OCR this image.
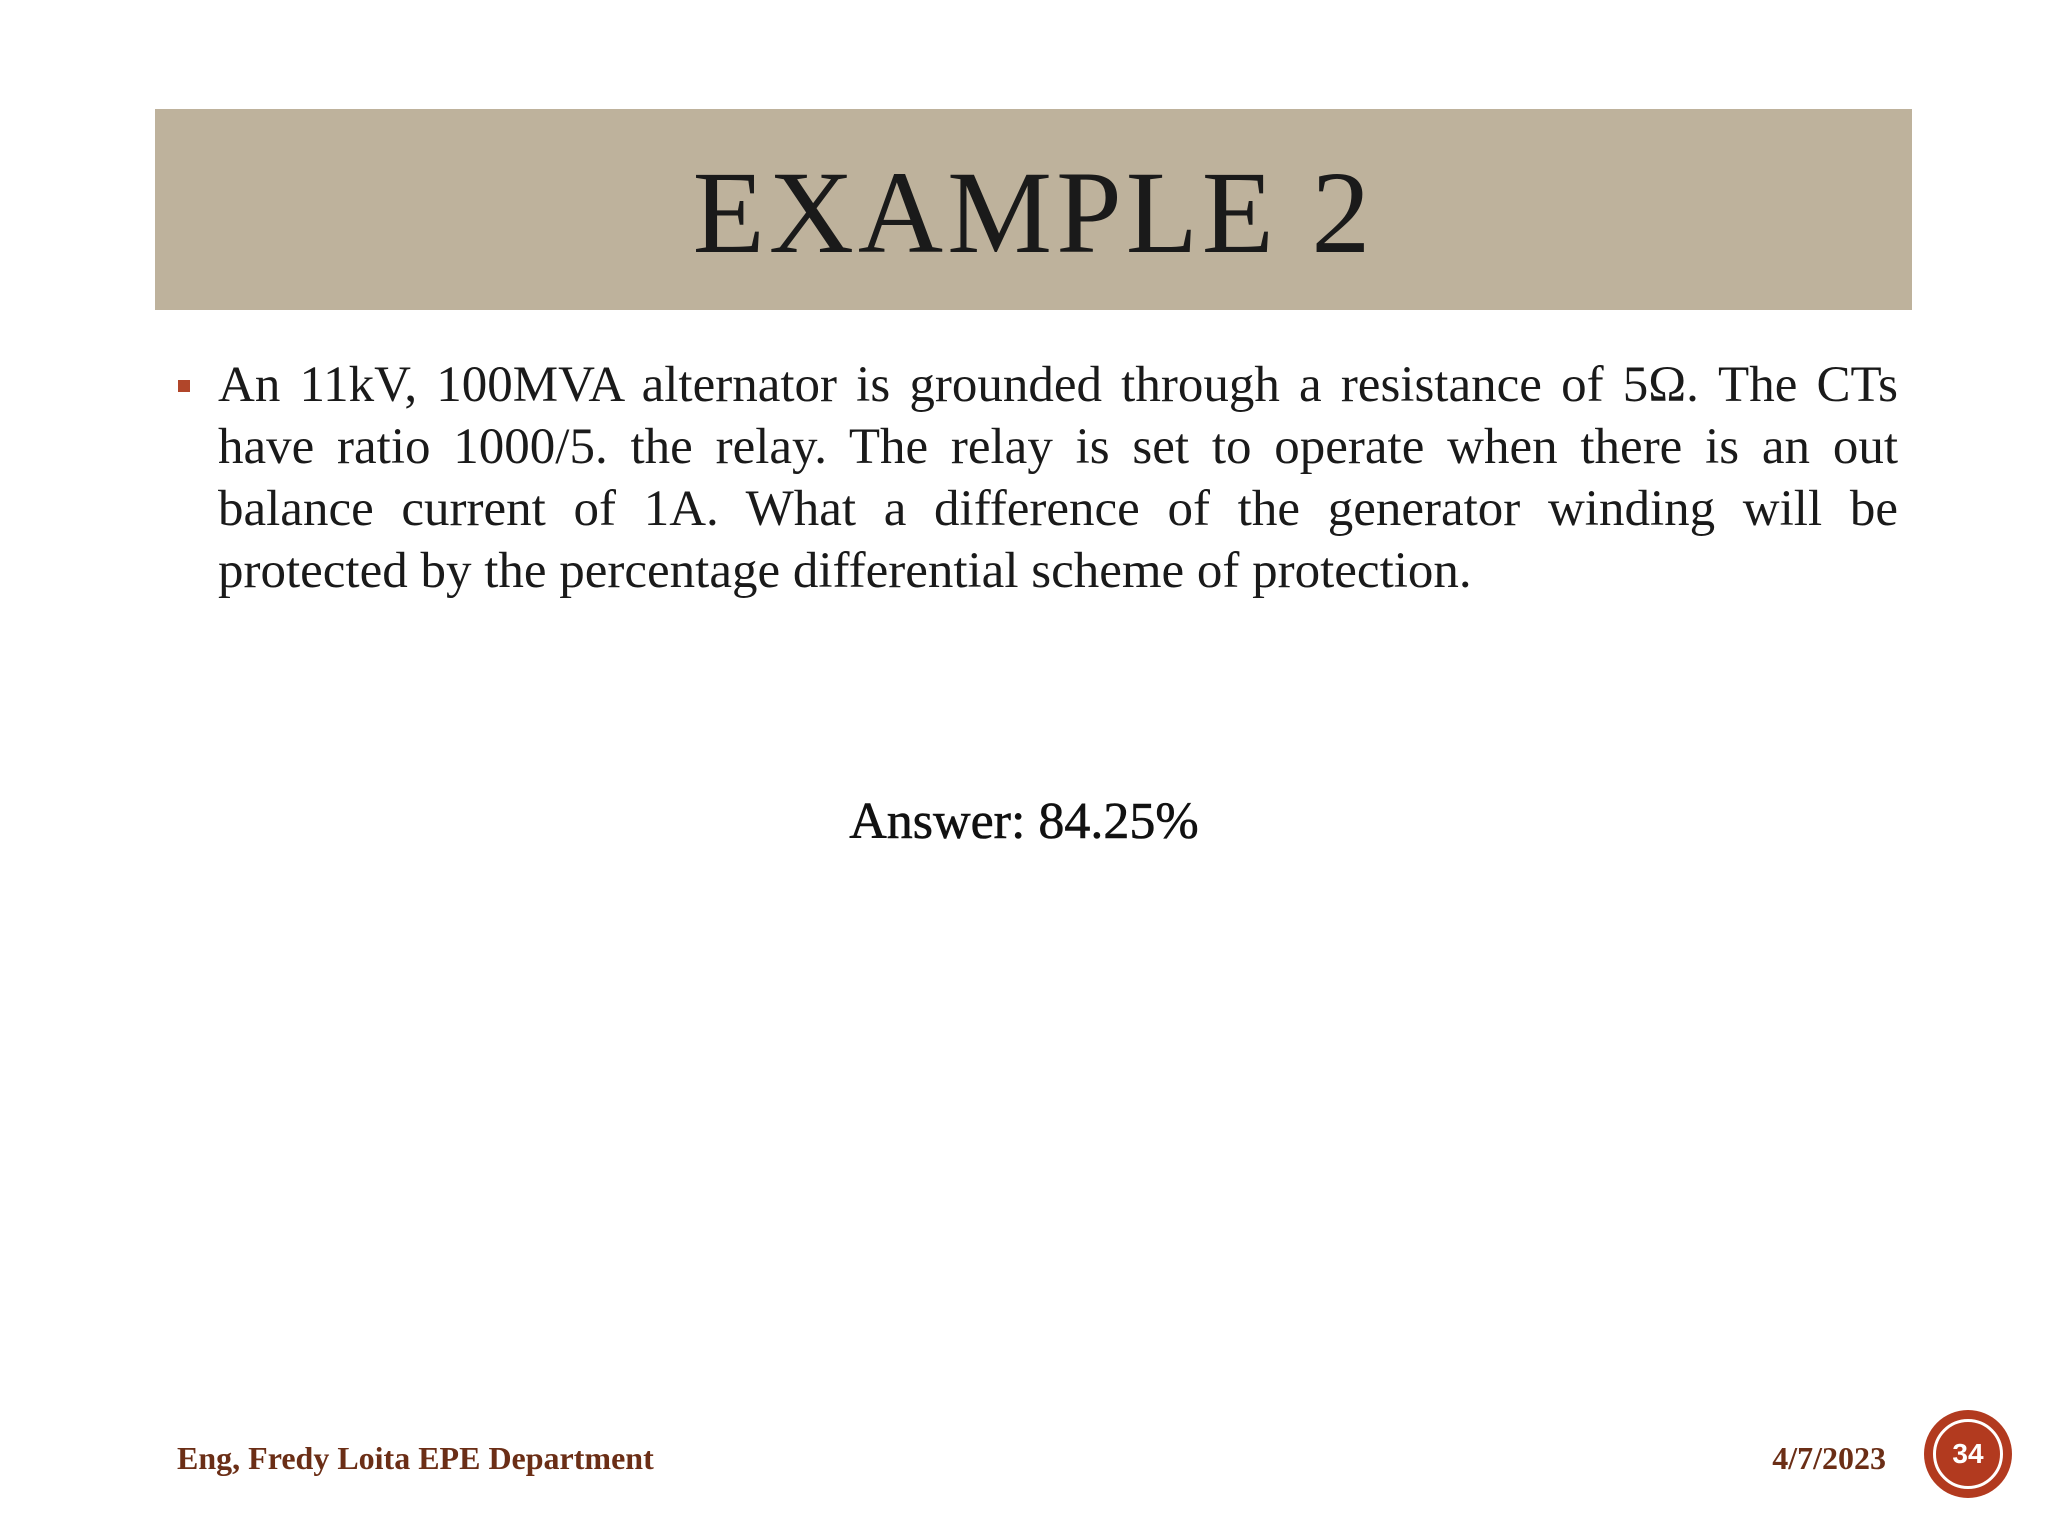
EXAMPLE 2
An 11kV, 100MVA alternator is grounded through a resistance of 5Ω. The CTs have ratio 1000/5. the relay. The relay is set to operate when there is an out balance current of 1A. What a difference of the generator winding will be protected by the percentage differential scheme of protection.
Answer: 84.25%
Eng, Fredy Loita EPE Department	4/7/2023	34
